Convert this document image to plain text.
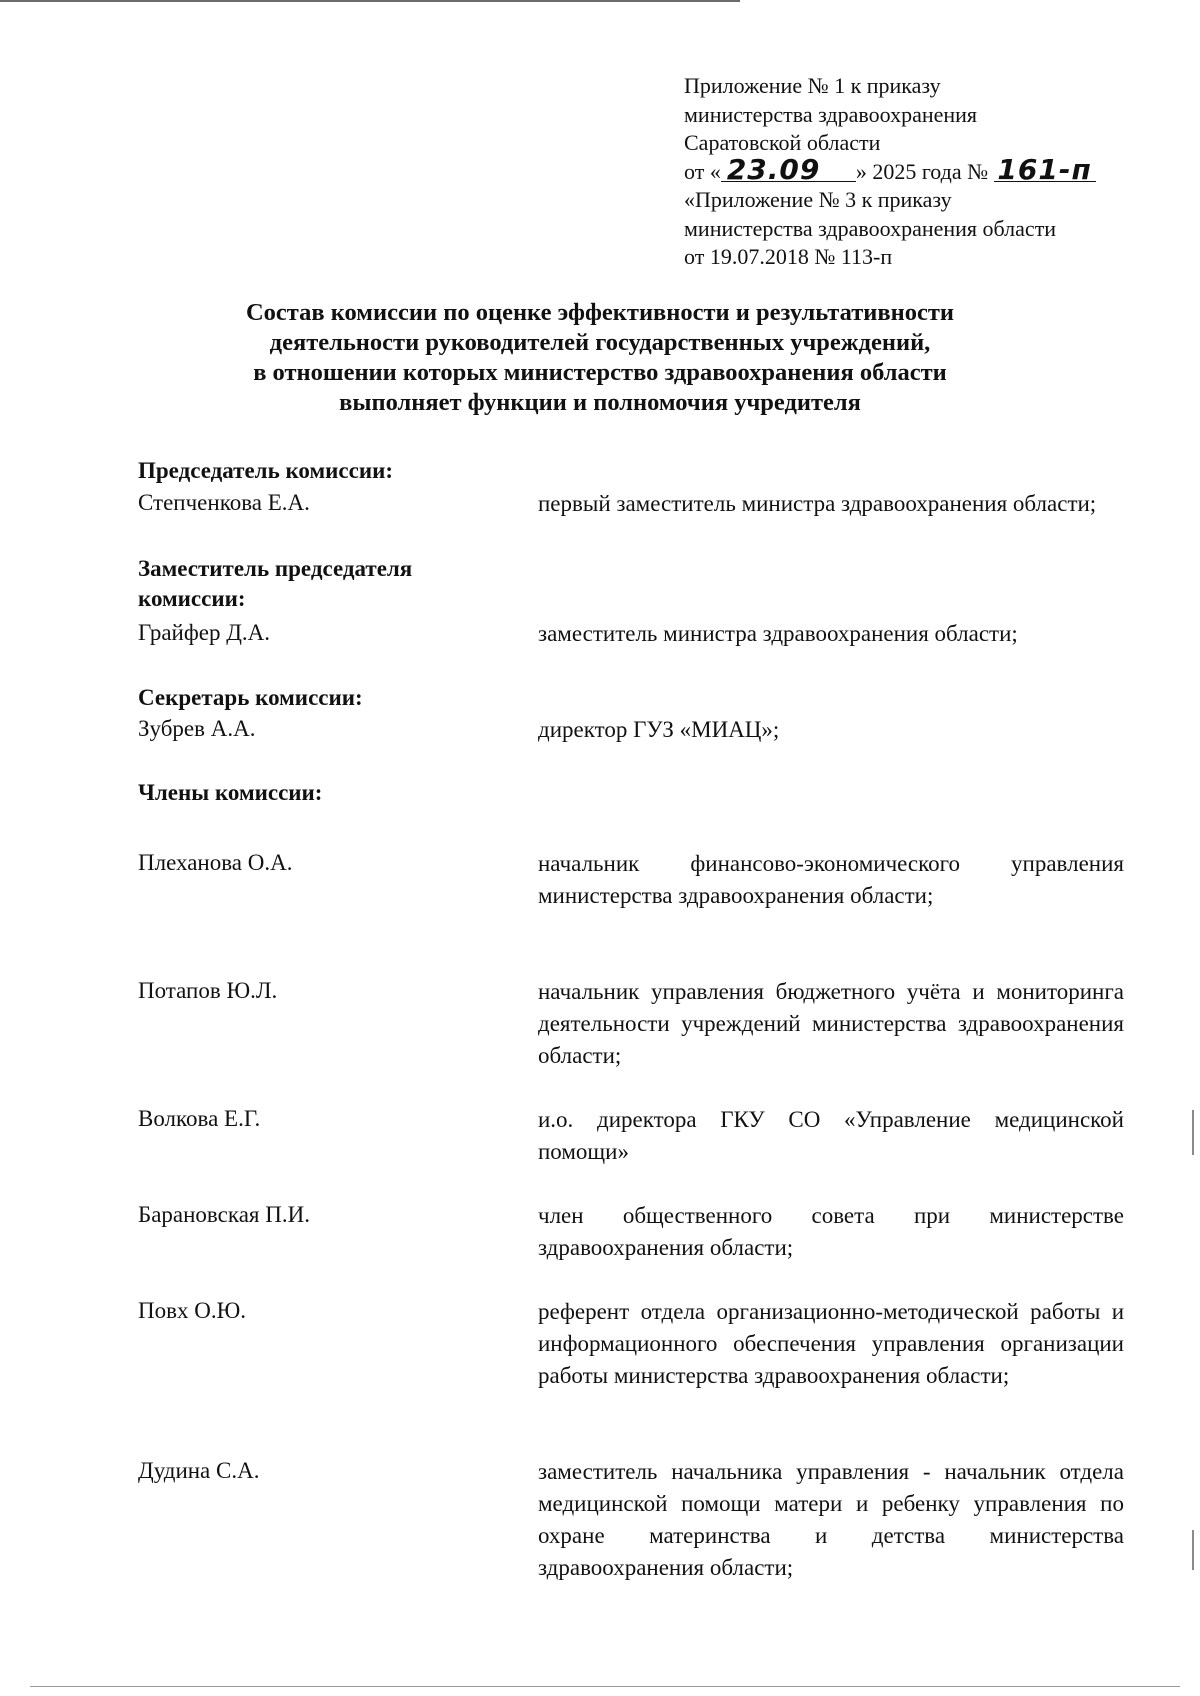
Приложение № 1 к приказу
министерства здравоохранения
Саратовской области
от « 23.09 » 2025 года № 161-п
«Приложение № 3 к приказу
министерства здравоохранения области
от 19.07.2018 № 113-п
Состав комиссии по оценке эффективности и результативности
деятельности руководителей государственных учреждений,
в отношении которых министерство здравоохранения области
выполняет функции и полномочия учредителя
Председатель комиссии:
Степченкова Е.А.	первый заместитель министра здравоохранения области;
Заместитель председателя
комиссии:
Грайфер Д.А.	заместитель министра здравоохранения области;
Секретарь комиссии:
Зубрев А.А.	директор ГУЗ «МИАЦ»;
Члены комиссии:
Плеханова О.А.	начальник финансово-экономического управления министерства здравоохранения области;
Потапов Ю.Л.	начальник управления бюджетного учёта и мониторинга деятельности учреждений министерства здравоохранения области;
Волкова Е.Г.	и.о. директора ГКУ СО «Управление медицинской помощи»
Барановская П.И.	член общественного совета при министерстве здравоохранения области;
Повх О.Ю.	референт отдела организационно-методической работы и информационного обеспечения управления организации работы министерства здравоохранения области;
Дудина С.А.	заместитель начальника управления - начальник отдела медицинской помощи матери и ребенку управления по охране материнства и детства министерства здравоохранения области;
